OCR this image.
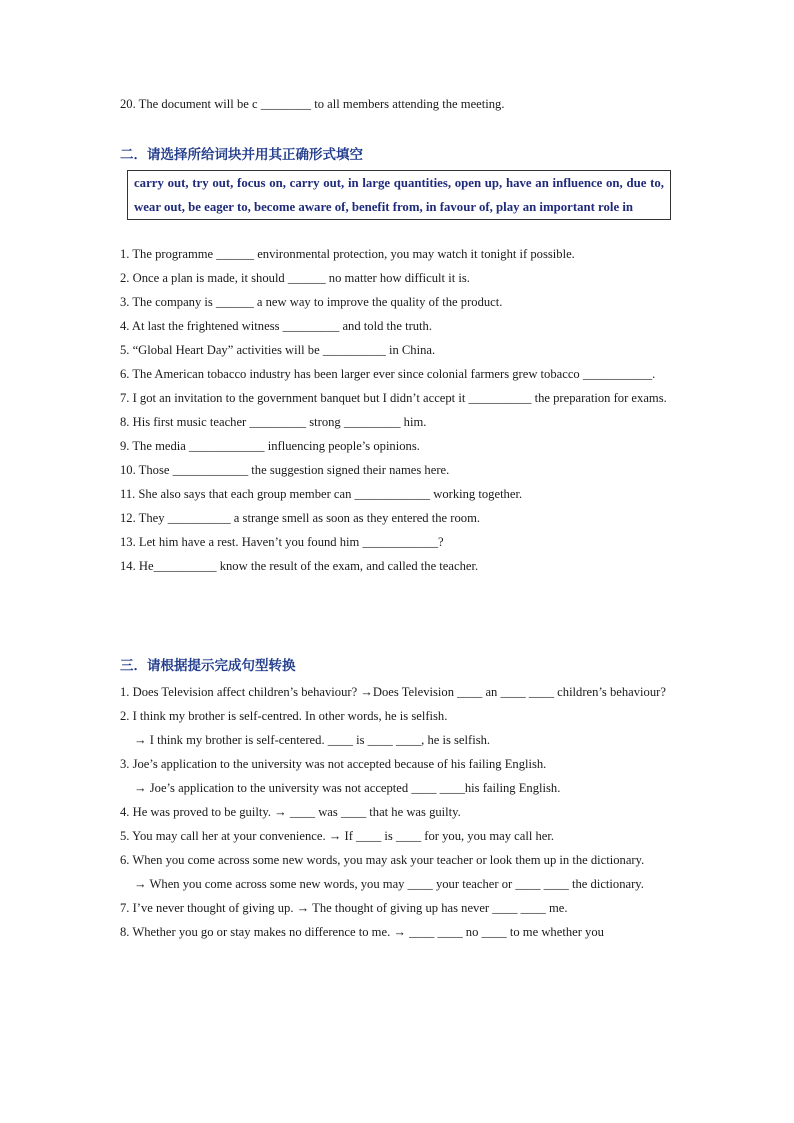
20. The document will be c ________ to all members attending the meeting.
二．请选择所给词块并用其正确形式填空
carry out, try out, focus on, carry out, in large quantities, open up, have an influence on, due to, wear out, be eager to, become aware of, benefit from, in favour of, play an important role in
1. The programme ______ environmental protection, you may watch it tonight if possible.
2. Once a plan is made, it should ______ no matter how difficult it is.
3. The company is ______ a new way to improve the quality of the product.
4. At last the frightened witness _________ and told the truth.
5. “Global Heart Day” activities will be __________ in China.
6. The American tobacco industry has been larger ever since colonial farmers grew tobacco ___________.
7. I got an invitation to the government banquet but I didn’t accept it __________ the preparation for exams.
8. His first music teacher _________ strong _________ him.
9. The media ____________ influencing people’s opinions.
10. Those ____________ the suggestion signed their names here.
11. She also says that each group member can ____________ working together.
12. They __________ a strange smell as soon as they entered the room.
13. Let him have a rest. Haven’t you found him ____________?
14. He__________ know the result of the exam, and called the teacher.
三．请根据提示完成句型转换
1. Does Television affect children’s behaviour? →Does Television ____ an ____ ____ children’s behaviour?
2. I think my brother is self-centred. In other words, he is selfish.
→ I think my brother is self-centered. ____ is ____ ____, he is selfish.
3. Joe’s application to the university was not accepted because of his failing English.
→ Joe’s application to the university was not accepted ____ ____his failing English.
4. He was proved to be guilty. → ____ was ____ that he was guilty.
5. You may call her at your convenience. → If ____ is ____ for you, you may call her.
6. When you come across some new words, you may ask your teacher or look them up in the dictionary.
→ When you come across some new words, you may ____ your teacher or ____ ____ the dictionary.
7. I’ve never thought of giving up. → The thought of giving up has never ____ ____ me.
8. Whether you go or stay makes no difference to me. → ____ ____ no ____ to me whether you
